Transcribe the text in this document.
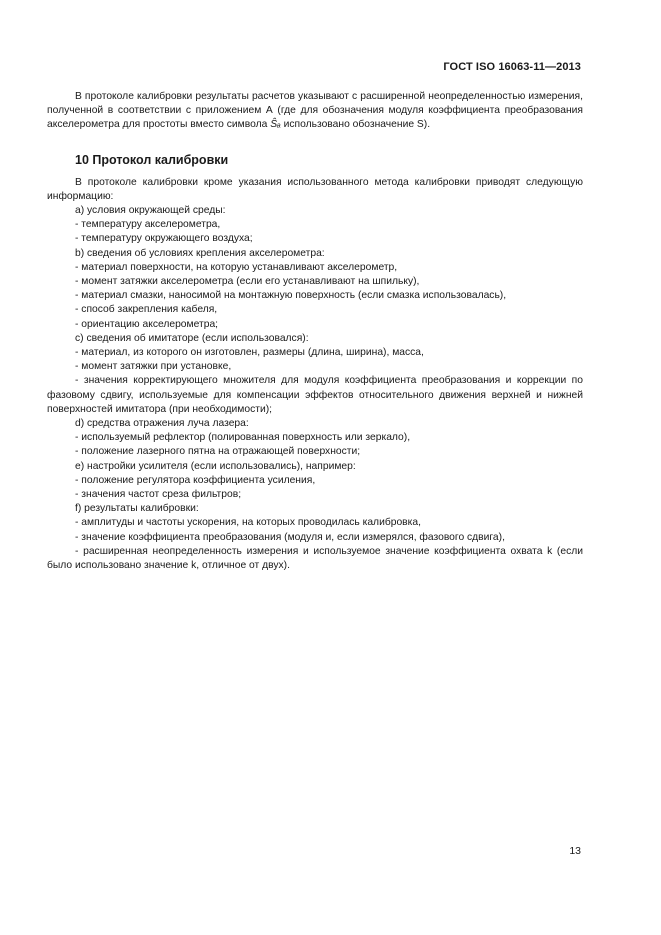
ГОСТ ISO 16063-11—2013

В протоколе калибровки результаты расчетов указывают с расширенной неопределенностью измерения, полученной в соответствии с приложением А (где для обозначения модуля коэффициента преобразования акселерометра для простоты вместо символа Ŝₐ использовано обозначение S).

10 Протокол калибровки

В протоколе калибровки кроме указания использованного метода калибровки приводят следующую информацию:

а) условия окружающей среды:

- температуру акселерометра,

- температуру окружающего воздуха;

b) сведения об условиях крепления акселерометра:

- материал поверхности, на которую устанавливают акселерометр,

- момент затяжки акселерометра (если его устанавливают на шпильку),

- материал смазки, наносимой на монтажную поверхность (если смазка использовалась),

- способ закрепления кабеля,

- ориентацию акселерометра;

с) сведения об имитаторе (если использовался):

- материал, из которого он изготовлен, размеры (длина, ширина), масса,

- момент затяжки при установке,

- значения корректирующего множителя для модуля коэффициента преобразования и коррекции по фазовому сдвигу, используемые для компенсации эффектов относительного движения верхней и нижней поверхностей имитатора (при необходимости);

d) средства отражения луча лазера:

- используемый рефлектор (полированная поверхность или зеркало),

- положение лазерного пятна на отражающей поверхности;

е) настройки усилителя (если использовались), например:

- положение регулятора коэффициента усиления,

- значения частот среза фильтров;

f) результаты калибровки:

- амплитуды и частоты ускорения, на которых проводилась калибровка,

- значение коэффициента преобразования (модуля и, если измерялся, фазового сдвига),

- расширенная неопределенность измерения и используемое значение коэффициента охвата k (если было использовано значение k, отличное от двух).

13
